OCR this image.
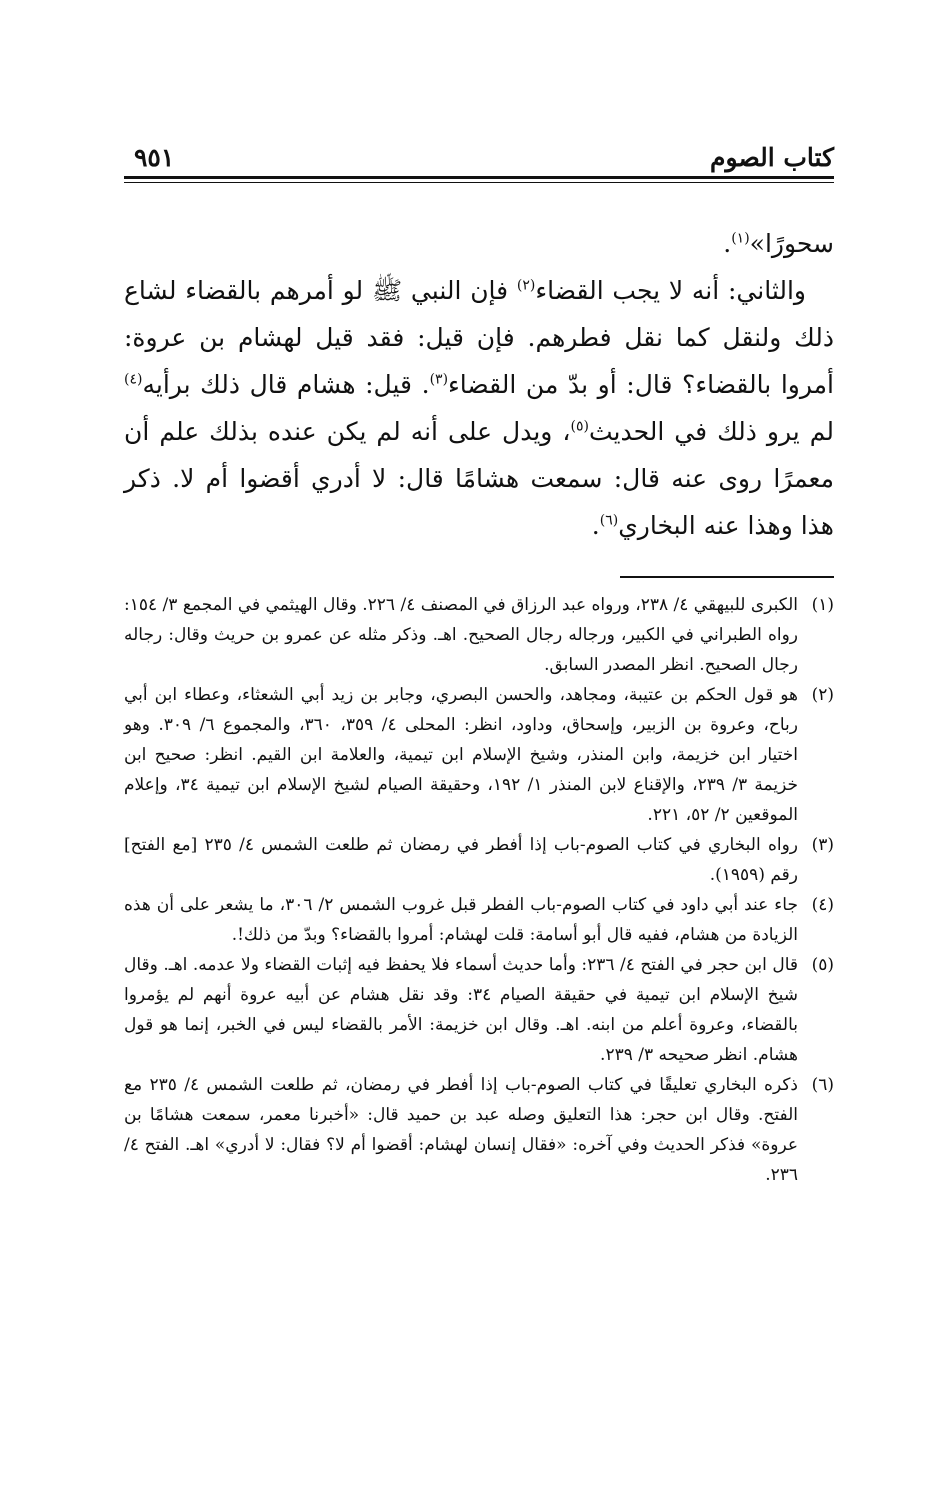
كتاب الصوم
٩٥١

سحورًا»$^{(١)}$.

والثاني: أنه لا يجب القضاء$^{(٢)}$ فإن النبي ﷺ لو أمرهم بالقضاء لشاع ذلك ولنقل كما نقل فطرهم. فإن قيل: فقد قيل لهشام بن عروة: أمروا بالقضاء؟ قال: أو بدّ من القضاء$^{(٣)}$. قيل: هشام قال ذلك برأيه$^{(٤)}$ لم يرو ذلك في الحديث$^{(٥)}$، ويدل على أنه لم يكن عنده بذلك علم أن معمرًا روى عنه قال: سمعت هشامًا قال: لا أدري أقضوا أم لا. ذكر هذا وهذا عنه البخاري$^{(٦)}$.

(١)
الكبرى للبيهقي ٤/ ٢٣٨، ورواه عبد الرزاق في المصنف ٤/ ٢٢٦. وقال الهيثمي في المجمع ٣/ ١٥٤: رواه الطبراني في الكبير، ورجاله رجال الصحيح. اهـ. وذكر مثله عن عمرو بن حريث وقال: رجاله رجال الصحيح. انظر المصدر السابق.
(٢)
هو قول الحكم بن عتيبة، ومجاهد، والحسن البصري، وجابر بن زيد أبي الشعثاء، وعطاء ابن أبي رباح، وعروة بن الزبير، وإسحاق، وداود، انظر: المحلى ٤/ ٣٥٩، ٣٦٠، والمجموع ٦/ ٣٠٩. وهو اختيار ابن خزيمة، وابن المنذر، وشيخ الإسلام ابن تيمية، والعلامة ابن القيم. انظر: صحيح ابن خزيمة ٣/ ٢٣٩، والإقناع لابن المنذر ١/ ١٩٢، وحقيقة الصيام لشيخ الإسلام ابن تيمية ٣٤، وإعلام الموقعين ٢/ ٥٢، ٢٢١.
(٣)
رواه البخاري في كتاب الصوم-باب إذا أفطر في رمضان ثم طلعت الشمس ٤/ ٢٣٥ [مع الفتح] رقم (١٩٥٩).
(٤)
جاء عند أبي داود في كتاب الصوم-باب الفطر قبل غروب الشمس ٢/ ٣٠٦، ما يشعر على أن هذه الزيادة من هشام، ففيه قال أبو أسامة: قلت لهشام: أمروا بالقضاء؟ وبدّ من ذلك!.
(٥)
قال ابن حجر في الفتح ٤/ ٢٣٦: وأما حديث أسماء فلا يحفظ فيه إثبات القضاء ولا عدمه. اهـ. وقال شيخ الإسلام ابن تيمية في حقيقة الصيام ٣٤: وقد نقل هشام عن أبيه عروة أنهم لم يؤمروا بالقضاء، وعروة أعلم من ابنه. اهـ. وقال ابن خزيمة: الأمر بالقضاء ليس في الخبر، إنما هو قول هشام. انظر صحيحه ٣/ ٢٣٩.
(٦)
ذكره البخاري تعليقًا في كتاب الصوم-باب إذا أفطر في رمضان، ثم طلعت الشمس ٤/ ٢٣٥ مع الفتح. وقال ابن حجر: هذا التعليق وصله عبد بن حميد قال: «أخبرنا معمر، سمعت هشامًا بن عروة» فذكر الحديث وفي آخره: «فقال إنسان لهشام: أقضوا أم لا؟ فقال: لا أدري» اهـ. الفتح ٤/ ٢٣٦.
